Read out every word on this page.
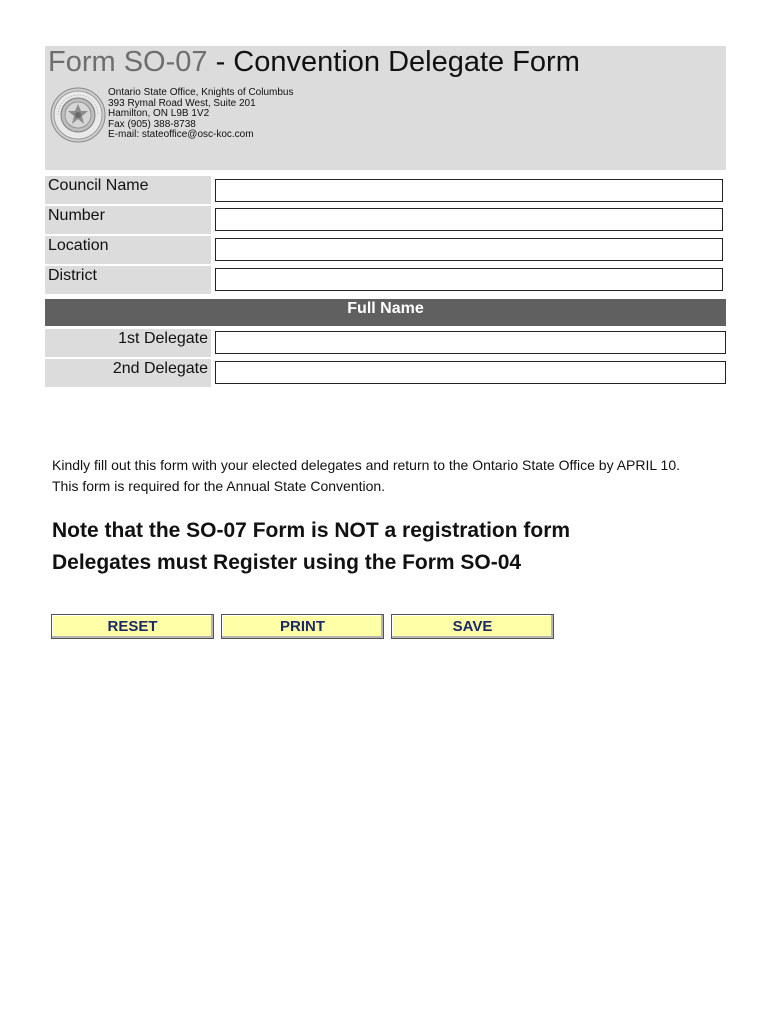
Form SO-07 - Convention Delegate Form
Ontario State Office, Knights of Columbus
393 Rymal Road West, Suite 201
Hamilton, ON L9B 1V2
Fax (905) 388-8738
E-mail: stateoffice@osc-koc.com
Council Name
Number
Location
District
Full Name
1st Delegate
2nd Delegate
Kindly fill out this form with your elected delegates and return to the Ontario State Office by APRIL 10.
This form is required for the Annual State Convention.
Note that the SO-07 Form is NOT a registration form
Delegates must Register using the Form SO-04
RESET	PRINT	SAVE
